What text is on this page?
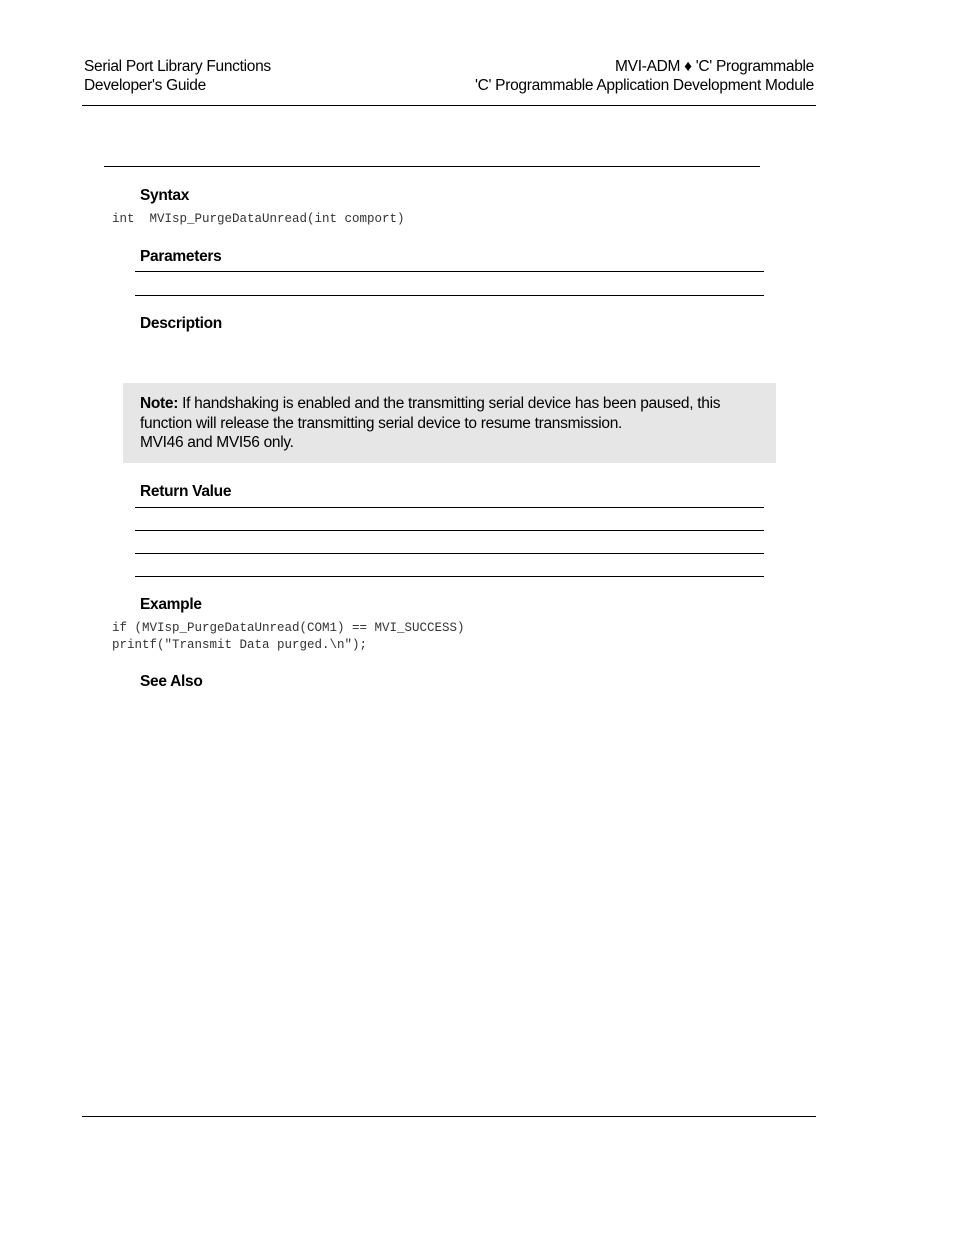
Serial Port Library Functions
Developer's Guide
MVI-ADM ♦ 'C' Programmable
'C' Programmable Application Development Module
Syntax
int  MVIsp_PurgeDataUnread(int comport)
Parameters
Description
Note: If handshaking is enabled and the transmitting serial device has been paused, this function will release the transmitting serial device to resume transmission.
MVI46 and MVI56 only.
Return Value
Example
if (MVIsp_PurgeDataUnread(COM1) == MVI_SUCCESS)
printf("Transmit Data purged.\n");
See Also
